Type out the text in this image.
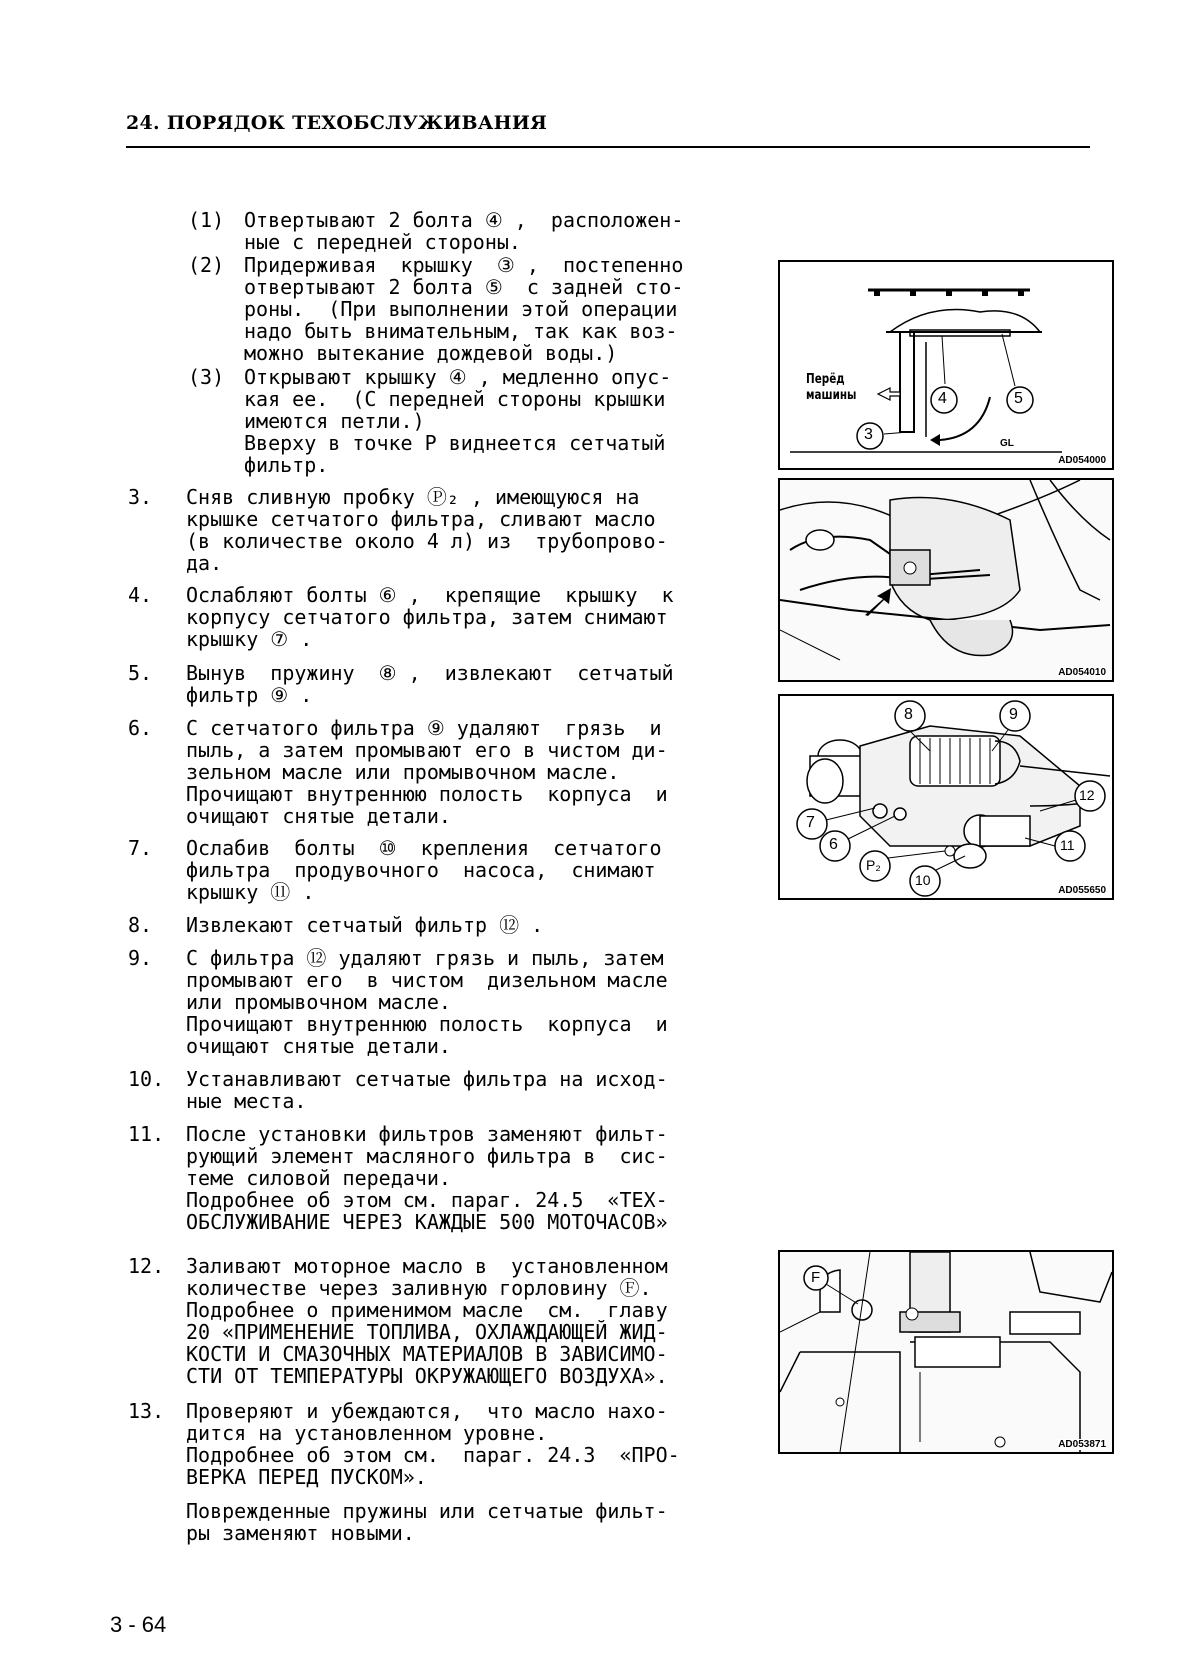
24. ПОРЯДОК ТЕХОБСЛУЖИВАНИЯ
(1) Отвертывают 2 болта ④ ,  расположен-
ные с передней стороны.
(2) Придерживая  крышку  ③ ,  постепенно
отвертывают 2 болта ⑤  с задней сто-
роны.  (При выполнении этой операции
надо быть внимательным, так как воз-
можно вытекание дождевой воды.)
(3) Открывают крышку ④ , медленно опус-
кая ее.  (С передней стороны крышки
имеются петли.)
Вверху в точке Р виднеется сетчатый
фильтр.
3. Сняв сливную пробку Ⓟ₂ , имеющуюся на
крышке сетчатого фильтра, сливают масло
(в количестве около 4 л) из  трубопрово-
да.
4. Ослабляют болты ⑥ ,  крепящие  крышку  к
корпусу сетчатого фильтра, затем снимают
крышку ⑦ .
5. Вынув  пружину  ⑧ ,  извлекают  сетчатый
фильтр ⑨ .
6. С сетчатого фильтра ⑨ удаляют  грязь  и
пыль, а затем промывают его в чистом ди-
зельном масле или промывочном масле.
Прочищают внутреннюю полость  корпуса  и
очищают снятые детали.
7. Ослабив  болты  ⑩  крепления  сетчатого
фильтра  продувочного  насоса,  снимают
крышку ⑪ .
8. Извлекают сетчатый фильтр ⑫ .
9. С фильтра ⑫ удаляют грязь и пыль, затем
промывают его  в чистом  дизельном масле
или промывочном масле.
Прочищают внутреннюю полость  корпуса  и
очищают снятые детали.
10. Устанавливают сетчатые фильтра на исход-
ные места.
11. После установки фильтров заменяют фильт-
рующий элемент масляного фильтра в  сис-
теме силовой передачи.
Подробнее об этом см. параг. 24.5  «ТЕХ-
ОБСЛУЖИВАНИЕ ЧЕРЕЗ КАЖДЫЕ 500 МОТОЧАСОВ»
12. Заливают моторное масло в  установленном
количестве через заливную горловину Ⓕ.
Подробнее о применимом масле  см.  главу
20 «ПРИМЕНЕНИЕ ТОПЛИВА, ОХЛАЖДАЮЩЕЙ ЖИД-
КОСТИ И СМАЗОЧНЫХ МАТЕРИАЛОВ В ЗАВИСИМО-
СТИ ОТ ТЕМПЕРАТУРЫ ОКРУЖАЮЩЕГО ВОЗДУХА».
13. Проверяют и убеждаются,  что масло нахо-
дится на установленном уровне.
Подробнее об этом см.  параг. 24.3  «ПРО-
ВЕРКА ПЕРЕД ПУСКОМ».
Поврежденные пружины или сетчатые фильт-
ры заменяют новыми.
Перёд
машины	4	5
3
GL
AD054000
AD054010
8	9
12
7
6	11
P₂
10
AD055650
F
AD053871
3 - 64
